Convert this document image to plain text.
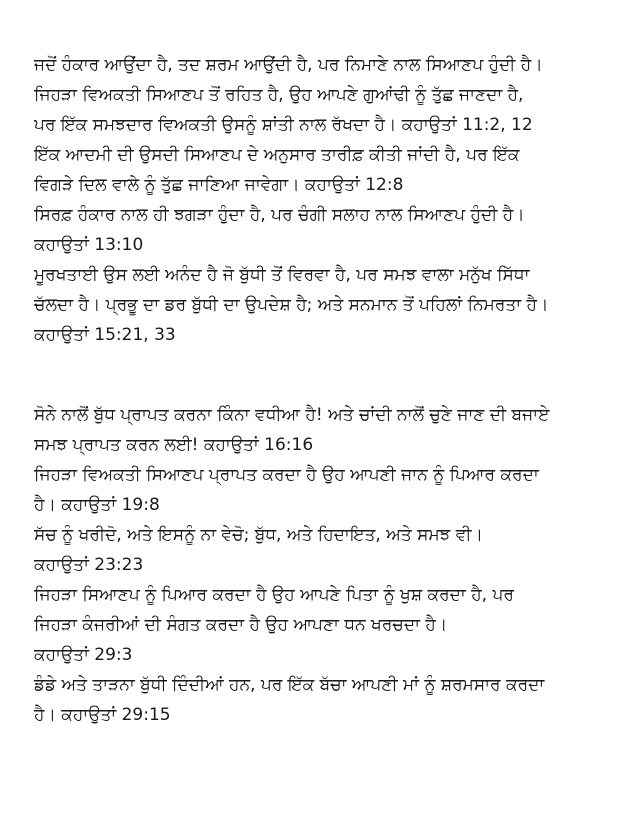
ਜਦੋਂ ਹੰਕਾਰ ਆਉਂਦਾ ਹੈ, ਤਦ ਸ਼ਰਮ ਆਉਂਦੀ ਹੈ, ਪਰ ਨਿਮਾਣੇ ਨਾਲ ਸਿਆਣਪ ਹੁੰਦੀ ਹੈ।
ਜਿਹੜਾ ਵਿਅਕਤੀ ਸਿਆਣਪ ਤੋਂ ਰਹਿਤ ਹੈ, ਉਹ ਆਪਣੇ ਗੁਆਂਢੀ ਨੂੰ ਤੁੱਛ ਜਾਣਦਾ ਹੈ,
ਪਰ ਇੱਕ ਸਮਝਦਾਰ ਵਿਅਕਤੀ ਉਸਨੂੰ ਸ਼ਾਂਤੀ ਨਾਲ ਰੱਖਦਾ ਹੈ। ਕਹਾਉਤਾਂ 11:2, 12
ਇੱਕ ਆਦਮੀ ਦੀ ਉਸਦੀ ਸਿਆਣਪ ਦੇ ਅਨੁਸਾਰ ਤਾਰੀਫ਼ ਕੀਤੀ ਜਾਂਦੀ ਹੈ, ਪਰ ਇੱਕ
ਵਿਗੜੇ ਦਿਲ ਵਾਲੇ ਨੂੰ ਤੁੱਛ ਜਾਣਿਆ ਜਾਵੇਗਾ। ਕਹਾਉਤਾਂ 12:8
ਸਿਰਫ਼ ਹੰਕਾਰ ਨਾਲ ਹੀ ਝਗੜਾ ਹੁੰਦਾ ਹੈ, ਪਰ ਚੰਗੀ ਸਲਾਹ ਨਾਲ ਸਿਆਣਪ ਹੁੰਦੀ ਹੈ।
ਕਹਾਉਤਾਂ 13:10
ਮੂਰਖਤਾਈ ਉਸ ਲਈ ਅਨੰਦ ਹੈ ਜੋ ਬੁੱਧੀ ਤੋਂ ਵਿਰਵਾ ਹੈ, ਪਰ ਸਮਝ ਵਾਲਾ ਮਨੁੱਖ ਸਿੱਧਾ
ਚੱਲਦਾ ਹੈ। ਪ੍ਰਭੂ ਦਾ ਡਰ ਬੁੱਧੀ ਦਾ ਉਪਦੇਸ਼ ਹੈ; ਅਤੇ ਸਨਮਾਨ ਤੋਂ ਪਹਿਲਾਂ ਨਿਮਰਤਾ ਹੈ।
ਕਹਾਉਤਾਂ 15:21, 33
ਸੋਨੇ ਨਾਲੋਂ ਬੁੱਧ ਪ੍ਰਾਪਤ ਕਰਨਾ ਕਿੰਨਾ ਵਧੀਆ ਹੈ! ਅਤੇ ਚਾਂਦੀ ਨਾਲੋਂ ਚੁਣੇ ਜਾਣ ਦੀ ਬਜਾਏ
ਸਮਝ ਪ੍ਰਾਪਤ ਕਰਨ ਲਈ! ਕਹਾਉਤਾਂ 16:16
ਜਿਹੜਾ ਵਿਅਕਤੀ ਸਿਆਣਪ ਪ੍ਰਾਪਤ ਕਰਦਾ ਹੈ ਉਹ ਆਪਣੀ ਜਾਨ ਨੂੰ ਪਿਆਰ ਕਰਦਾ
ਹੈ। ਕਹਾਉਤਾਂ 19:8
ਸੱਚ ਨੂੰ ਖਰੀਦੋ, ਅਤੇ ਇਸਨੂੰ ਨਾ ਵੇਚੋ; ਬੁੱਧ, ਅਤੇ ਹਿਦਾਇਤ, ਅਤੇ ਸਮਝ ਵੀ।
ਕਹਾਉਤਾਂ 23:23
ਜਿਹੜਾ ਸਿਆਣਪ ਨੂੰ ਪਿਆਰ ਕਰਦਾ ਹੈ ਉਹ ਆਪਣੇ ਪਿਤਾ ਨੂੰ ਖੁਸ਼ ਕਰਦਾ ਹੈ, ਪਰ
ਜਿਹੜਾ ਕੰਜਰੀਆਂ ਦੀ ਸੰਗਤ ਕਰਦਾ ਹੈ ਉਹ ਆਪਣਾ ਧਨ ਖਰਚਦਾ ਹੈ।
ਕਹਾਉਤਾਂ 29:3
ਡੰਡੇ ਅਤੇ ਤਾੜਨਾ ਬੁੱਧੀ ਦਿੰਦੀਆਂ ਹਨ, ਪਰ ਇੱਕ ਬੱਚਾ ਆਪਣੀ ਮਾਂ ਨੂੰ ਸ਼ਰਮਸਾਰ ਕਰਦਾ
ਹੈ। ਕਹਾਉਤਾਂ 29:15
